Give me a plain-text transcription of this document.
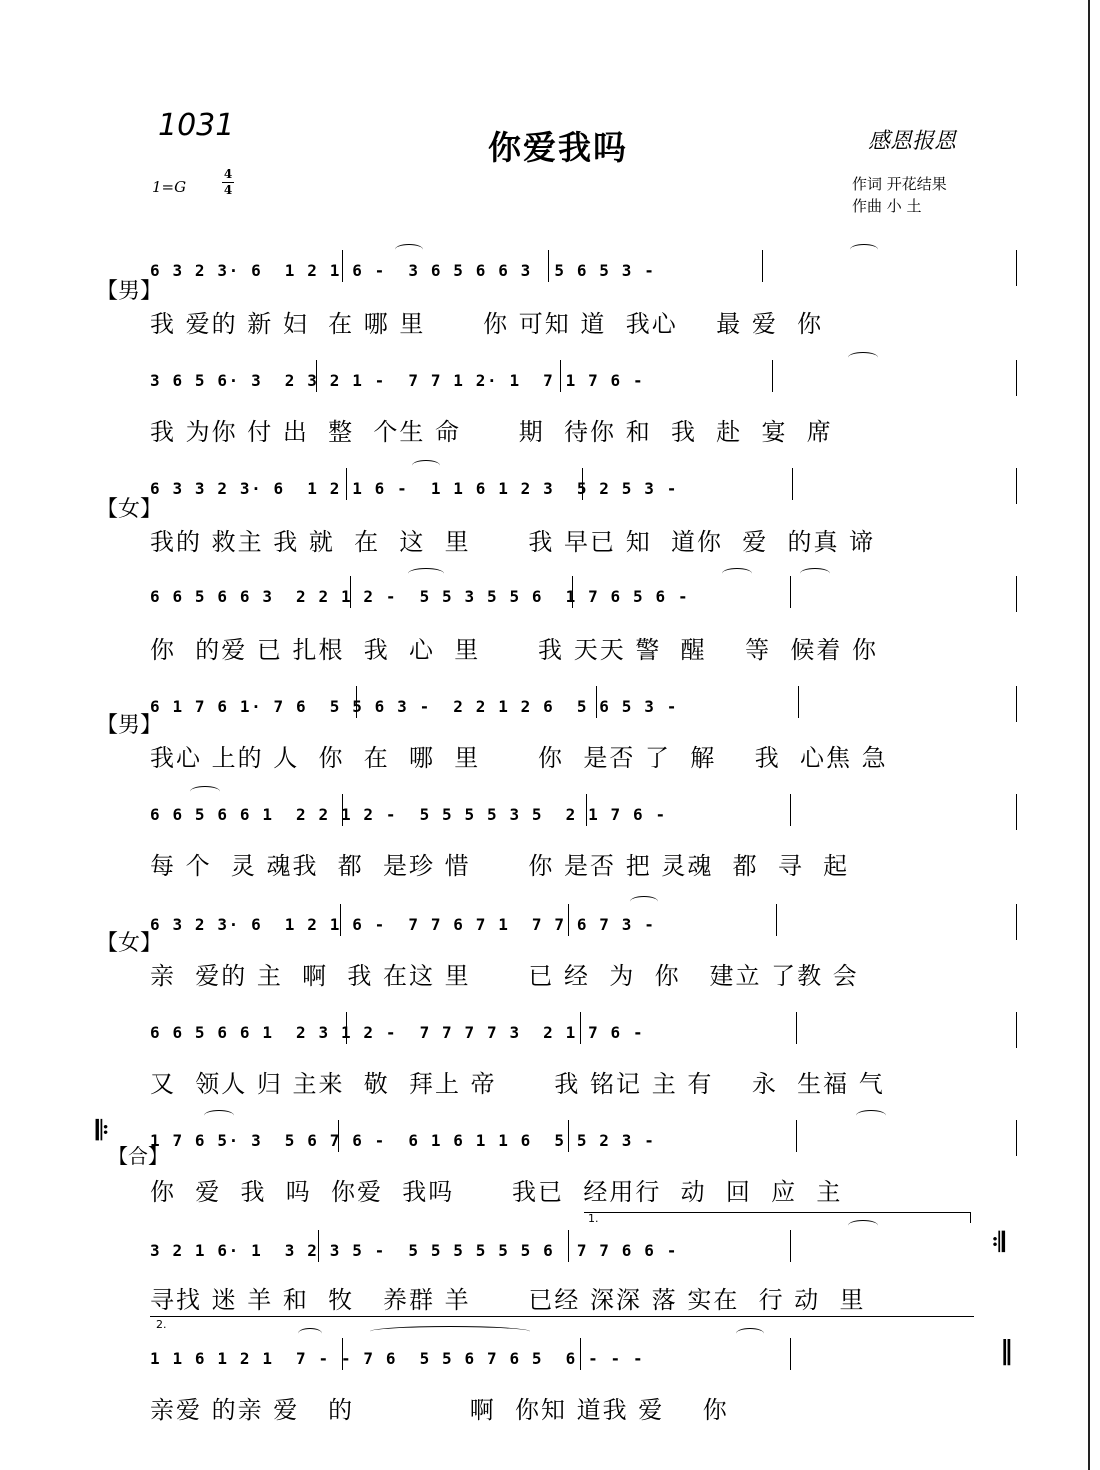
1031
你爱我吗	感恩报恩
1=G
4
4	作词 开花结果
作曲 小 土
【男】
6 3 2 3· 6  1 2 1 6 -  3 6 5 6 6 3  5 6 5 3 -
我 爱的 新 妇  在 哪 里      你 可知 道  我心    最 爱  你
3 6 5 6· 3  2 3 2 1 -  7 7 1 2· 1  7 1 7 6 -
我 为你 付 出  整  个生 命      期  待你 和  我  赴  宴  席
【女】
6 3 3 2 3· 6  1 2 1 6 -  1 1 6 1 2 3  5 2 5 3 -
我的 救主 我 就  在  这  里      我 早已 知  道你  爱  的真 谛
6 6 5 6 6 3  2 2 1 2 -  5 5 3 5 5 6  1 7 6 5 6 -
你  的爱 已 扎根  我  心  里      我 天天 警  醒    等  候着 你
【男】
6 1 7 6 1· 7 6  5 5 6 3 -  2 2 1 2 6  5 6 5 3 -
我心 上的 人  你  在  哪  里      你  是否 了  解    我  心焦 急
6 6 5 6 6 1  2 2 1 2 -  5 5 5 5 3 5  2 1 7 6 -
每 个  灵 魂我  都  是珍 惜      你 是否 把 灵魂  都  寻  起
【女】
6 3 2 3· 6  1 2 1 6 -  7 7 6 7 1  7 7 6 7 3 -
亲  爱的 主  啊  我 在这 里      已 经  为  你   建立 了教 会
6 6 5 6 6 1  2 3 1 2 -  7 7 7 7 3  2 1 7 6 -
又  领人 归 主来  敬  拜上 帝      我 铭记 主 有    永  生福 气
𝄆
【合】
1 7 6 5· 3  5 6 7 6 -  6 1 6 1 1 6  5 5 2 3 -
你  爱  我  吗  你爱  我吗      我已  经用行  动  回  应  主
1.
3 2 1 6· 1  3 2 3 5 -  5 5 5 5 5 5 6  7 7 6 6 -	𝄇
寻找 迷 羊 和  牧   养群 羊      已经 深深 落 实在  行 动  里
2.
1 1 6 1 2 1  7 - - 7 6  5 5 6 7 6 5  6 - - -	‖
亲爱 的亲 爱   的            啊  你知 道我 爱    你
